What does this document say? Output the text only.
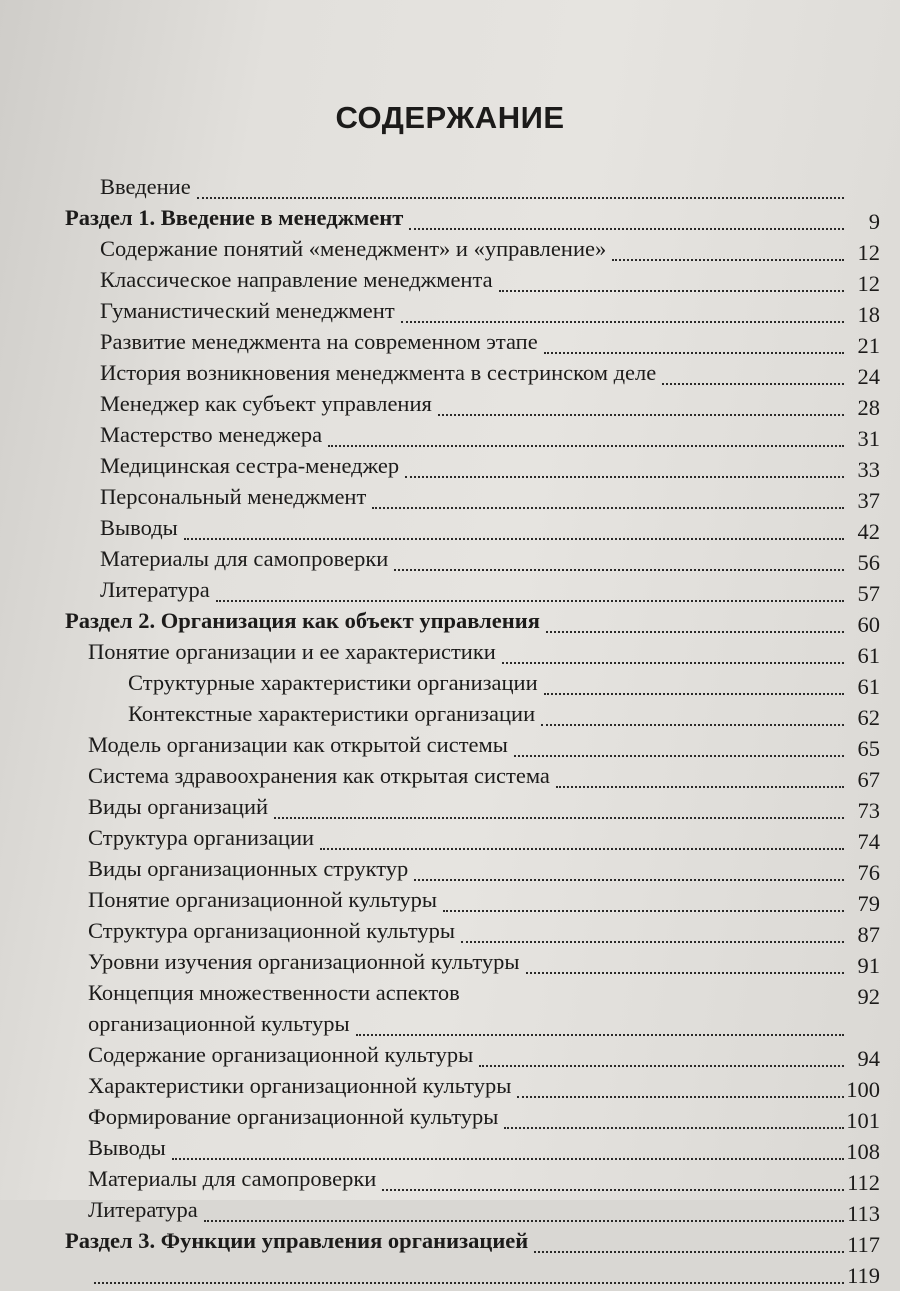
СОДЕРЖАНИЕ
Введение
Раздел 1. Введение в менеджмент	9
Содержание понятий «менеджмент» и «управление»	12
Классическое направление менеджмента	12
Гуманистический менеджмент	18
Развитие менеджмента на современном этапе	21
История возникновения менеджмента в сестринском деле	24
Менеджер как субъект управления	28
Мастерство менеджера	31
Медицинская сестра-менеджер	33
Персональный менеджмент	37
Выводы	42
Материалы для самопроверки	56
Литература	57
Раздел 2. Организация как объект управления	60
Понятие организации и ее характеристики	61
Структурные характеристики организации	61
Контекстные характеристики организации	62
Модель организации как открытой системы	65
Система здравоохранения как открытая система	67
Виды организаций	73
Структура организации	74
Виды организационных структур	76
Понятие организационной культуры	79
Структура организационной культуры	87
Уровни изучения организационной культуры	91
Концепция множественности аспектов	92
организационной культуры
Содержание организационной культуры	94
Характеристики организационной культуры	100
Формирование организационной культуры	101
Выводы	108
Материалы для самопроверки	112
Литература	113
Раздел 3. Функции управления организацией	117
119
